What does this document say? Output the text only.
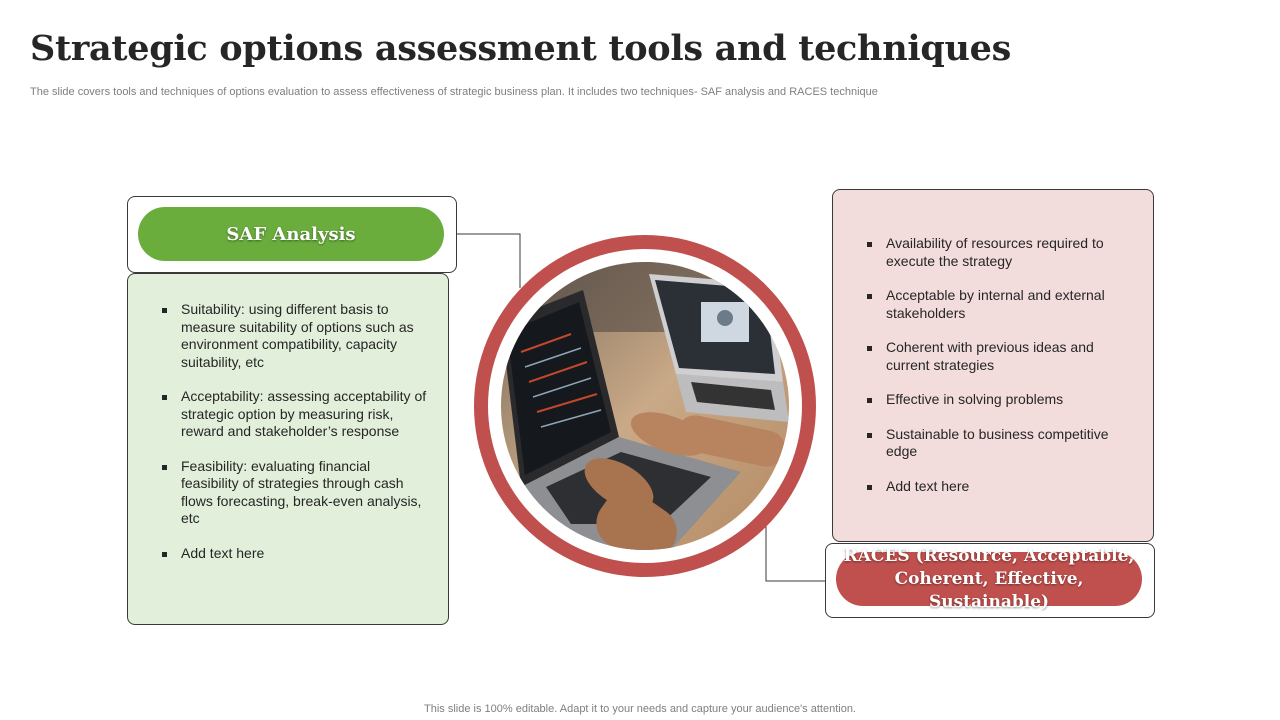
Strategic options assessment tools and techniques
The slide covers tools and techniques of options evaluation to assess effectiveness of strategic business plan. It includes two techniques- SAF analysis and RACES technique
SAF Analysis
Suitability: using different basis to measure suitability of options such as environment compatibility, capacity suitability, etc
Acceptability: assessing acceptability of strategic option by measuring risk, reward and stakeholder’s response
Feasibility: evaluating financial feasibility of strategies through cash flows forecasting, break-even analysis, etc
Add text here
Availability of resources required to execute the strategy
Acceptable by internal and external stakeholders
Coherent with previous ideas and current strategies
Effective in solving problems
Sustainable to business competitive edge
Add text here
RACES (Resource, Acceptable,
Coherent, Effective, Sustainable)
This slide is 100% editable. Adapt it to your needs and capture your audience's attention.
